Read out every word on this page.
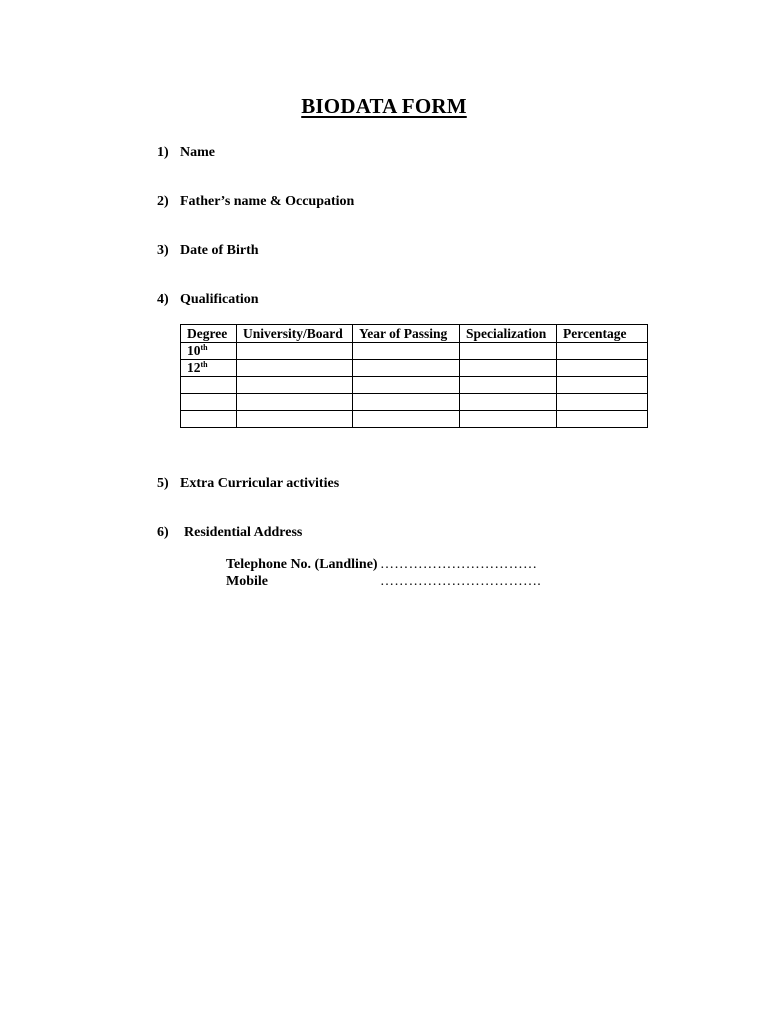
BIODATA FORM
1) Name
2) Father’s name & Occupation
3) Date of Birth
4) Qualification
Degree	University/Board	Year of Passing	Specialization	Percentage
10th				
12th				

5) Extra Curricular activities
6) Residential Address
Telephone No. (Landline) ……………………………
Mobile	…………………………….
